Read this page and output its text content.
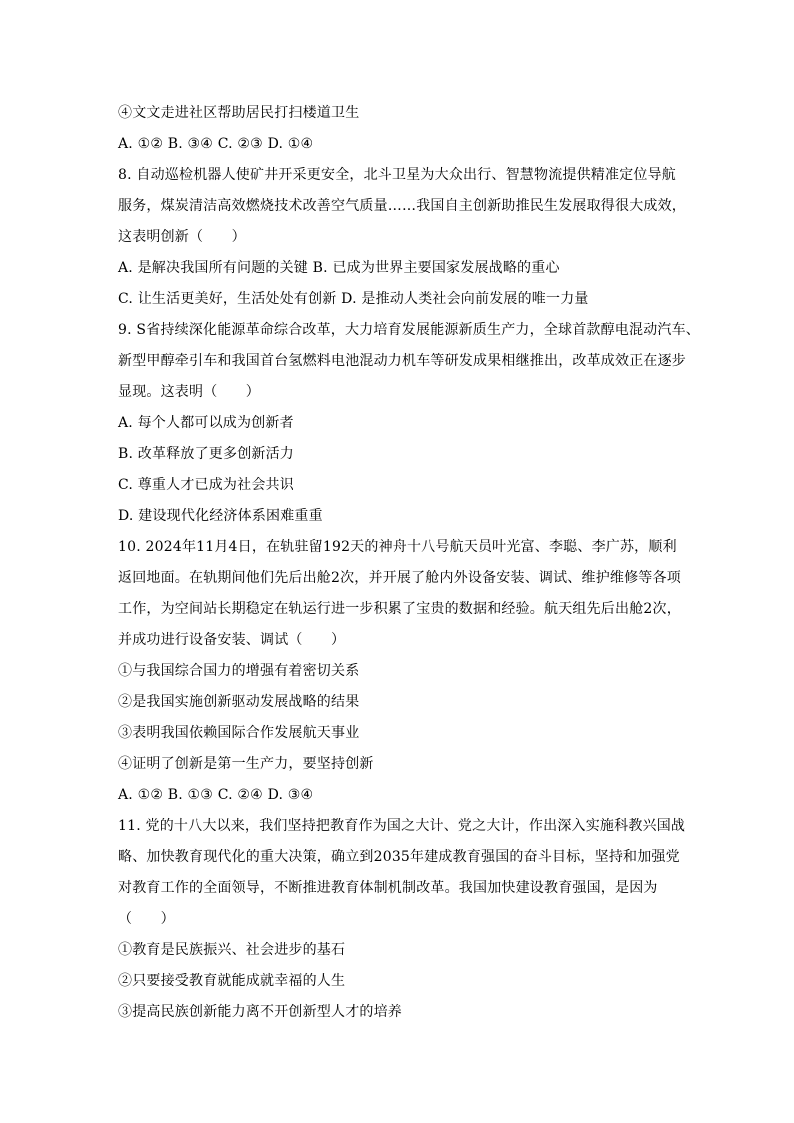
④文文走进社区帮助居民打扫楼道卫生
A. ①② B. ③④ C. ②③ D. ①④
8. 自动巡检机器人使矿井开采更安全，北斗卫星为大众出行、智慧物流提供精准定位导航
服务，煤炭清洁高效燃烧技术改善空气质量……我国自主创新助推民生发展取得很大成效，
这表明创新（　　）
A. 是解决我国所有问题的关键 B. 已成为世界主要国家发展战略的重心
C. 让生活更美好，生活处处有创新 D. 是推动人类社会向前发展的唯一力量
9. S省持续深化能源革命综合改革，大力培育发展能源新质生产力，全球首款醇电混动汽车、
新型甲醇牵引车和我国首台氢燃料电池混动力机车等研发成果相继推出，改革成效正在逐步
显现。这表明（　　）
A. 每个人都可以成为创新者
B. 改革释放了更多创新活力
C. 尊重人才已成为社会共识
D. 建设现代化经济体系困难重重
10. 2024年11月4日，在轨驻留192天的神舟十八号航天员叶光富、李聪、李广苏，顺利
返回地面。在轨期间他们先后出舱2次，并开展了舱内外设备安装、调试、维护维修等各项
工作，为空间站长期稳定在轨运行进一步积累了宝贵的数据和经验。航天组先后出舱2次，
并成功进行设备安装、调试（　　）
①与我国综合国力的增强有着密切关系
②是我国实施创新驱动发展战略的结果
③表明我国依赖国际合作发展航天事业
④证明了创新是第一生产力，要坚持创新
A. ①② B. ①③ C. ②④ D. ③④
11. 党的十八大以来，我们坚持把教育作为国之大计、党之大计，作出深入实施科教兴国战
略、加快教育现代化的重大决策，确立到2035年建成教育强国的奋斗目标，坚持和加强党
对教育工作的全面领导，不断推进教育体制机制改革。我国加快建设教育强国，是因为
（　　）
①教育是民族振兴、社会进步的基石
②只要接受教育就能成就幸福的人生
③提高民族创新能力离不开创新型人才的培养
